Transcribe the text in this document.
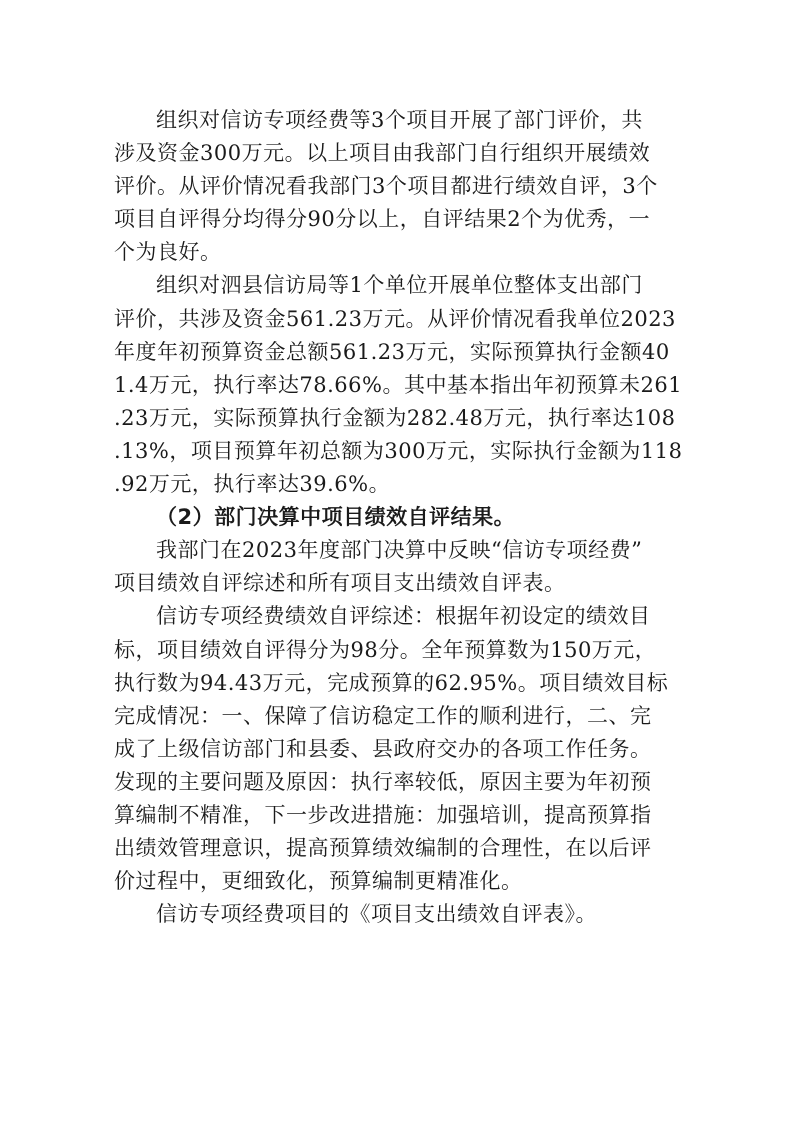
组织对信访专项经费等3个项目开展了部门评价，共
涉及资金300万元。以上项目由我部门自行组织开展绩效
评价。从评价情况看我部门3个项目都进行绩效自评，3个
项目自评得分均得分90分以上，自评结果2个为优秀，一
个为良好。
组织对泗县信访局等1个单位开展单位整体支出部门
评价，共涉及资金561.23万元。从评价情况看我单位2023
年度年初预算资金总额561.23万元，实际预算执行金额40
1.4万元，执行率达78.66%。其中基本指出年初预算未261
.23万元，实际预算执行金额为282.48万元，执行率达108
.13%，项目预算年初总额为300万元，实际执行金额为118
.92万元，执行率达39.6%。
（2）部门决算中项目绩效自评结果。
我部门在2023年度部门决算中反映“信访专项经费”
项目绩效自评综述和所有项目支出绩效自评表。
信访专项经费绩效自评综述：根据年初设定的绩效目
标，项目绩效自评得分为98分。全年预算数为150万元，
执行数为94.43万元，完成预算的62.95%。项目绩效目标
完成情况：一、保障了信访稳定工作的顺利进行，二、完
成了上级信访部门和县委、县政府交办的各项工作任务。
发现的主要问题及原因：执行率较低，原因主要为年初预
算编制不精准，下一步改进措施：加强培训，提高预算指
出绩效管理意识，提高预算绩效编制的合理性，在以后评
价过程中，更细致化，预算编制更精准化。
信访专项经费项目的《项目支出绩效自评表》。
